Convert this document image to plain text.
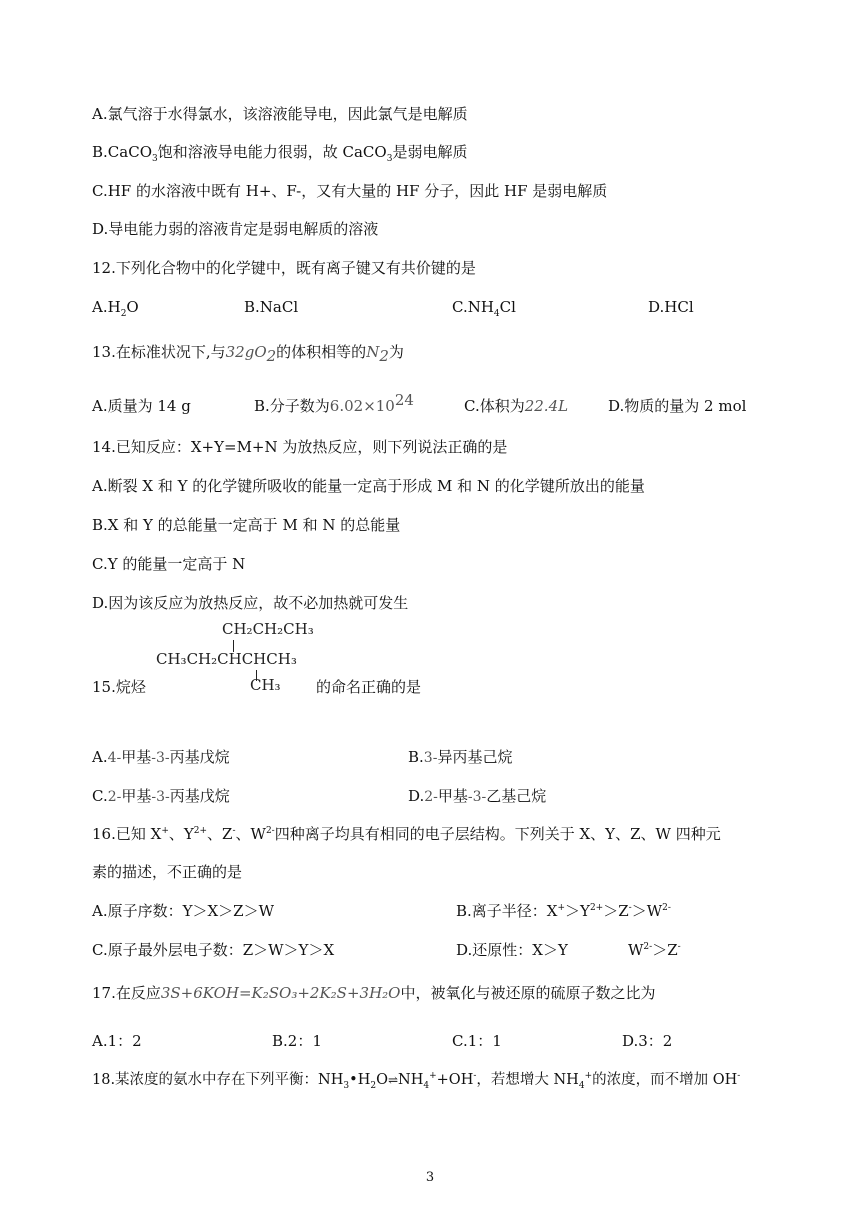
A.氯气溶于水得氯水，该溶液能导电，因此氯气是电解质
B.CaCO$_3$饱和溶液导电能力很弱，故 CaCO$_3$是弱电解质
C.HF 的水溶液中既有 H+、F-，又有大量的 HF 分子，因此 HF 是弱电解质
D.导电能力弱的溶液肯定是弱电解质的溶液
12.下列化合物中的化学键中，既有离子键又有共价键的是
$A.H_2O$	B.NaCl	$C.NH_4Cl$	D.HCl
13.在标准状况下,与$32gO_2$的体积相等的$N_2$为
A.质量为 14 g	B.分子数为$6.02\times 10^{24}$	C.体积为22.4L	D.物质的量为 2 mol
14.已知反应：X+Y=M+N 为放热反应，则下列说法正确的是
A.断裂 X 和 Y 的化学键所吸收的能量一定高于形成 M 和 N 的化学键所放出的能量
B.X 和 Y 的总能量一定高于 M 和 N 的总能量
C.Y 的能量一定高于 N
D.因为该反应为放热反应，故不必加热就可发生
CH₂CH₂CH₃
CH₃CH₂CHCHCH₃
CH₃
15.烷烃	的命名正确的是
A.4-甲基-3-丙基戊烷	B.3-异丙基己烷
C.2-甲基-3-丙基戊烷	D.2-甲基-3-乙基己烷
16.已知 X+、$Y^{2+}$、Z-、$W^{2-}$四种离子均具有相同的电子层结构。下列关于 X、Y、Z、W 四种元
素的描述，不正确的是
A.原子序数：Y＞X＞Z＞W	B.离子半径：$X^+>Y^{2+}>Z^->W^{2-}$
C.原子最外层电子数：Z＞W＞Y＞X	D.还原性：X＞Y	$W^{2-}>Z^-$
17.在反应3S+6KOH=K₂SO₃+2K₂S+3H₂O中，被氧化与被还原的硫原子数之比为
A.1：2	B.2：1	C.1：1	D.3：2
18.某浓度的氨水中存在下列平衡：$NH_3•H_2O\rightleftharpoons NH_4^++OH^-$，若想增大 $NH_4^+$的浓度，而不增加 OH-
3
